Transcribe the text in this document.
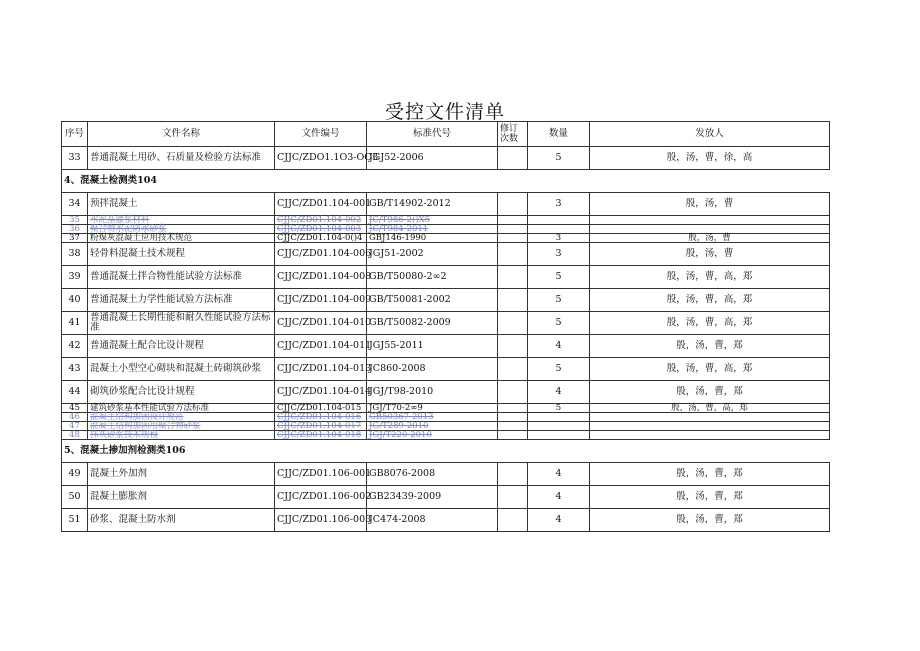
受控文件清单
序号	文件名称	文件编号	标准代号	修订次数	数量	发放人
33	普通混凝土用砂、石质量及检验方法标准	CJJC/ZDO1.1O3-OO3	JGJ52-2006		5	殷，汤，曹，徐，高
4、混凝土检测类104						
34	预拌混凝土	CJJC/ZD01.104-001	GB/T14902-2012		3	殷，汤，曹
35	水泥基灌浆材料	CJJC/ZD01.104-002	JC/T986-2()X5			
36	聚合物水泥防水砂浆	CJJC/ZD01.104-003	JC/T984-2011			
37	粉煤灰混凝土应用技术规范	CJJC/ZD01.104-0()4	GBJ146-1990		3	殷，汤，曹
38	轻骨料混凝土技术规程	CJJC/ZD01.104-006	JGJ51-2002		3	殷，汤，曹
39	普通混凝土拌合物性能试验方法标准	CJJC/ZD01.104-008	GB/T50080-2∞2		5	殷，汤，曹，高，郑
40	普通混凝土力学性能试验方法标准	CJJC/ZD01.104-009	GB/T50081-2002		5	殷，汤，曹，高，郑
41	普通混凝土长期性能和耐久性能试验方法标准	CJJC/ZD01.104-010	GB/T50082-2009		5	殷，汤，曹，高，郑
42	普通混凝土配合比设计规程	CJJC/ZD01.104-011	JGJ55-2011		4	殷，汤，曹，郑
43	混凝土小型空心砌块和混凝土砖砌筑砂浆	CJJC/ZD01.104-013	JC860-2008		5	殷，汤，曹，高，郑
44	砌筑砂浆配合比设计规程	CJJC/ZD01.104-014	JGJ/T98-2010		4	殷，汤，曹，郑
45	建筑砂浆基本性能试验方法标准	CJJC/ZD01.104-015	JGJ∕T70-2∞9		5	殷，汤，曹，高，郑
46	混凝土结构加固设计规范	CJJC/ZD01.104-016	GB50367-2013			
47	混凝土结构加固用聚合物砂浆	CJJC/ZD01.104-017	JG∕T289-2010			
48	抹灰砂浆技术规程	CJJC/ZD01.104-018	JGJ/T220-2010			
5、混凝土掺加剂检测类106						
49	混凝土外加剂	CJJC/ZD01.106-001	GB8076-2008		4	殷，汤，曹，郑
50	混凝土膨胀剂	CJJC/ZD01.106-002	GB23439-2009		4	殷，汤，曹，郑
51	砂浆、混凝土防水剂	CJJC/ZD01.106-003	JC474-2008		4	殷，汤，曹，郑
